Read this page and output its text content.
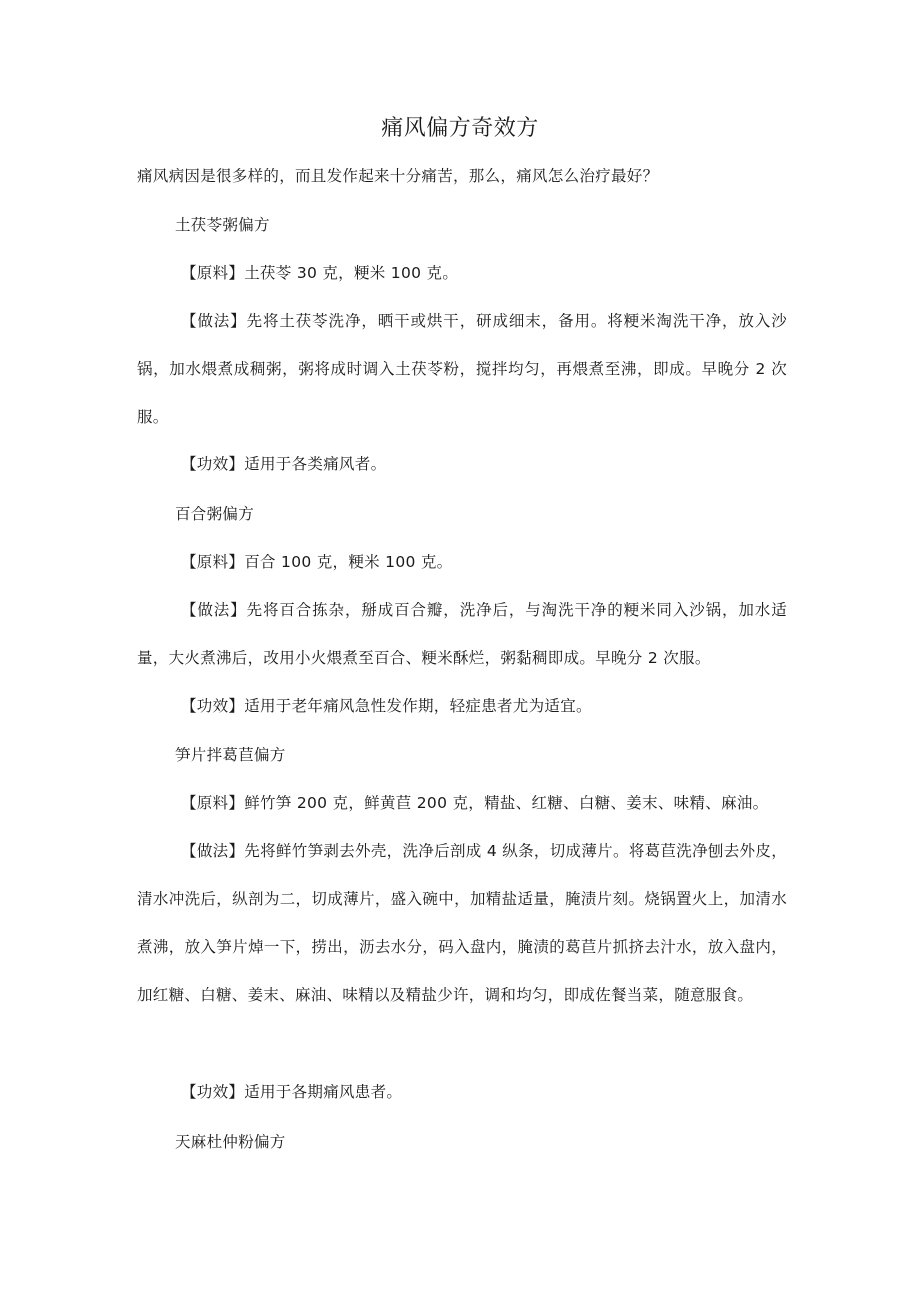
痛风偏方奇效方
痛风病因是很多样的，而且发作起来十分痛苦，那么，痛风怎么治疗最好？
土茯苓粥偏方
【原料】土茯苓 30 克，粳米 100 克。
【做法】先将土茯苓洗净，晒干或烘干，研成细末，备用。将粳米淘洗干净，放入沙锅，加水煨煮成稠粥，粥将成时调入土茯苓粉，搅拌均匀，再煨煮至沸，即成。早晚分 2 次服。
【功效】适用于各类痛风者。
百合粥偏方
【原料】百合 100 克，粳米 100 克。
【做法】先将百合拣杂，掰成百合瓣，洗净后，与淘洗干净的粳米同入沙锅，加水适量，大火煮沸后，改用小火煨煮至百合、粳米酥烂，粥黏稠即成。早晚分 2 次服。
【功效】适用于老年痛风急性发作期，轻症患者尤为适宜。
笋片拌葛苣偏方
【原料】鲜竹笋 200 克，鲜黄苣 200 克，精盐、红糖、白糖、姜末、味精、麻油。
【做法】先将鲜竹笋剥去外壳，洗净后剖成 4 纵条，切成薄片。将葛苣洗净刨去外皮，清水冲洗后，纵剖为二，切成薄片，盛入碗中，加精盐适量，腌渍片刻。烧锅置火上，加清水煮沸，放入笋片焯一下，捞出，沥去水分，码入盘内，腌渍的葛苣片抓挤去汁水，放入盘内，加红糖、白糖、姜末、麻油、味精以及精盐少许，调和均匀，即成佐餐当菜，随意服食。
【功效】适用于各期痛风患者。
天麻杜仲粉偏方
